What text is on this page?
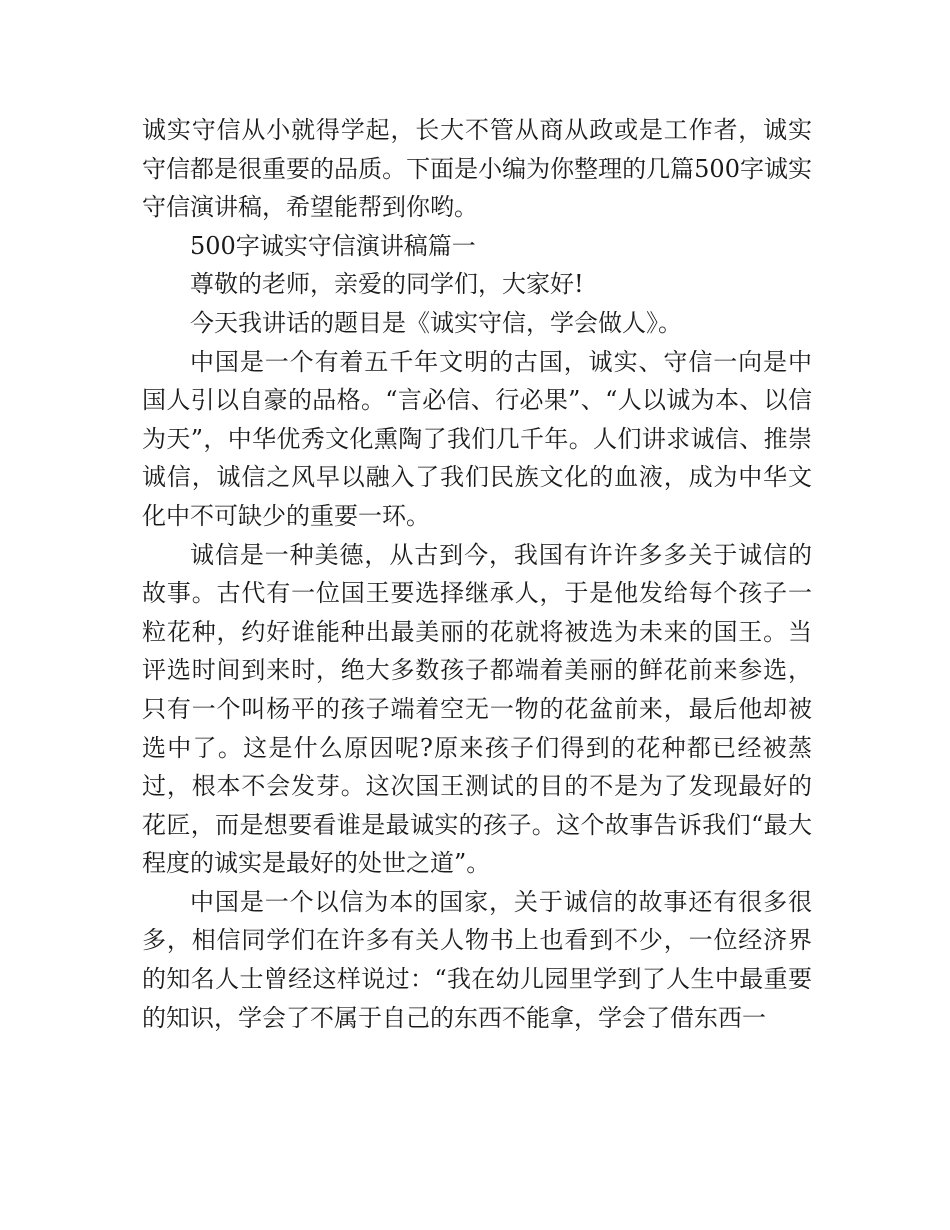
诚实守信从小就得学起，长大不管从商从政或是工作者，诚实守信都是很重要的品质。下面是小编为你整理的几篇500字诚实守信演讲稿，希望能帮到你哟。

500字诚实守信演讲稿篇一

尊敬的老师，亲爱的同学们，大家好!

今天我讲话的题目是《诚实守信，学会做人》。

中国是一个有着五千年文明的古国，诚实、守信一向是中国人引以自豪的品格。“言必信、行必果”、“人以诚为本、以信为天”，中华优秀文化熏陶了我们几千年。人们讲求诚信、推崇诚信，诚信之风早以融入了我们民族文化的血液，成为中华文化中不可缺少的重要一环。

诚信是一种美德，从古到今，我国有许许多多关于诚信的故事。古代有一位国王要选择继承人，于是他发给每个孩子一粒花种，约好谁能种出最美丽的花就将被选为未来的国王。当评选时间到来时，绝大多数孩子都端着美丽的鲜花前来参选，只有一个叫杨平的孩子端着空无一物的花盆前来，最后他却被选中了。这是什么原因呢?原来孩子们得到的花种都已经被蒸过，根本不会发芽。这次国王测试的目的不是为了发现最好的花匠，而是想要看谁是最诚实的孩子。这个故事告诉我们“最大程度的诚实是最好的处世之道”。

中国是一个以信为本的国家，关于诚信的故事还有很多很多，相信同学们在许多有关人物书上也看到不少，一位经济界的知名人士曾经这样说过：“我在幼儿园里学到了人生中最重要的知识，学会了不属于自己的东西不能拿，学会了借东西一
